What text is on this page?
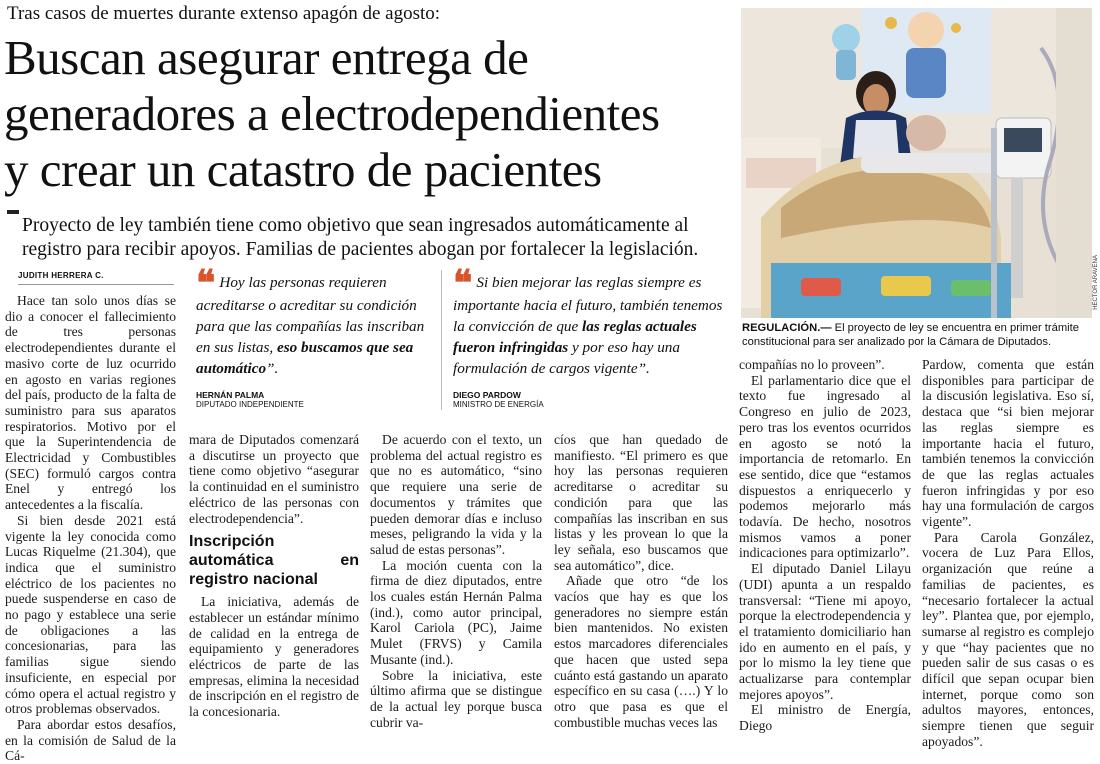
Tras casos de muertes durante extenso apagón de agosto:
Buscan asegurar entrega de
generadores a electrodependientes
y crear un catastro de pacientes
Proyecto de ley también tiene como objetivo que sean ingresados automáticamente al registro para recibir apoyos. Familias de pacientes abogan por fortalecer la legislación.
JUDITH HERRERA C.

Hace tan solo unos días se dio a conocer el fallecimiento de tres personas electrodependientes durante el masivo corte de luz ocurrido en agosto en varias regiones del país, producto de la falta de suministro para sus aparatos respiratorios. Motivo por el que la Superintendencia de Electricidad y Combustibles (SEC) formuló cargos contra Enel y entregó los antecedentes a la fiscalía.

Si bien desde 2021 está vigente la ley conocida como Lucas Riquelme (21.304), que indica que el suministro eléctrico de los pacientes no puede suspenderse en caso de no pago y establece una serie de obligaciones a las concesionarias, para las familias sigue siendo insuficiente, en especial por cómo opera el actual registro y otros problemas observados.

Para abordar estos desafíos, en la comisión de Salud de la Cá-

❝ Hoy las personas requieren acreditarse o acreditar su condición para que las compañías las inscriban en sus listas, eso buscamos que sea automático”.
HERNÁN PALMA
DIPUTADO INDEPENDIENTE
❝ Si bien mejorar las reglas siempre es importante hacia el futuro, también tenemos la convicción de que las reglas actuales fueron infringidas y por eso hay una formulación de cargos vigente”.
DIEGO PARDOW
MINISTRO DE ENERGÍA

mara de Diputados comenzará a discutirse un proyecto que tiene como objetivo “asegurar la continuidad en el suministro eléctrico de las personas con electrodependencia”.

Inscripción automática en registro nacional

La iniciativa, además de establecer un estándar mínimo de calidad en la entrega de equipamiento y generadores eléctricos de parte de las empresas, elimina la necesidad de inscripción en el registro de la concesionaria.

De acuerdo con el texto, un problema del actual registro es que no es automático, “sino que requiere una serie de documentos y trámites que pueden demorar días e incluso meses, peligrando la vida y la salud de estas personas”.

La moción cuenta con la firma de diez diputados, entre los cuales están Hernán Palma (ind.), como autor principal, Karol Cariola (PC), Jaime Mulet (FRVS) y Camila Musante (ind.).

Sobre la iniciativa, este último afirma que se distingue de la actual ley porque busca cubrir va-

cíos que han quedado de manifiesto. “El primero es que hoy las personas requieren acreditarse o acreditar su condición para que las compañías las inscriban en sus listas y les provean lo que la ley señala, eso buscamos que sea automático”, dice.

Añade que otro “de los vacíos que hay es que los generadores no siempre están bien mantenidos. No existen estos marcadores diferenciales que hacen que usted sepa cuánto está gastando un aparato específico en su casa (….) Y lo otro que pasa es que el combustible muchas veces las

HÉCTOR ARAVENA
REGULACIÓN.— El proyecto de ley se encuentra en primer trámite constitucional para ser analizado por la Cámara de Diputados.

compañías no lo proveen”.

El parlamentario dice que el texto fue ingresado al Congreso en julio de 2023, pero tras los eventos ocurridos en agosto se notó la importancia de retomarlo. En ese sentido, dice que “estamos dispuestos a enriquecerlo y podemos mejorarlo más todavía. De hecho, nosotros mismos vamos a poner indicaciones para optimizarlo”.

El diputado Daniel Lilayu (UDI) apunta a un respaldo transversal: “Tiene mi apoyo, porque la electrodependencia y el tratamiento domiciliario han ido en aumento en el país, y por lo mismo la ley tiene que actualizarse para contemplar mejores apoyos”.

El ministro de Energía, Diego

Pardow, comenta que están disponibles para participar de la discusión legislativa. Eso sí, destaca que “si bien mejorar las reglas siempre es importante hacia el futuro, también tenemos la convicción de que las reglas actuales fueron infringidas y por eso hay una formulación de cargos vigente”.

Para Carola González, vocera de Luz Para Ellos, organización que reúne a familias de pacientes, es “necesario fortalecer la actual ley”. Plantea que, por ejemplo, sumarse al registro es complejo y que “hay pacientes que no pueden salir de sus casas o es difícil que sepan ocupar bien internet, porque como son adultos mayores, entonces, siempre tienen que seguir apoyados”.
